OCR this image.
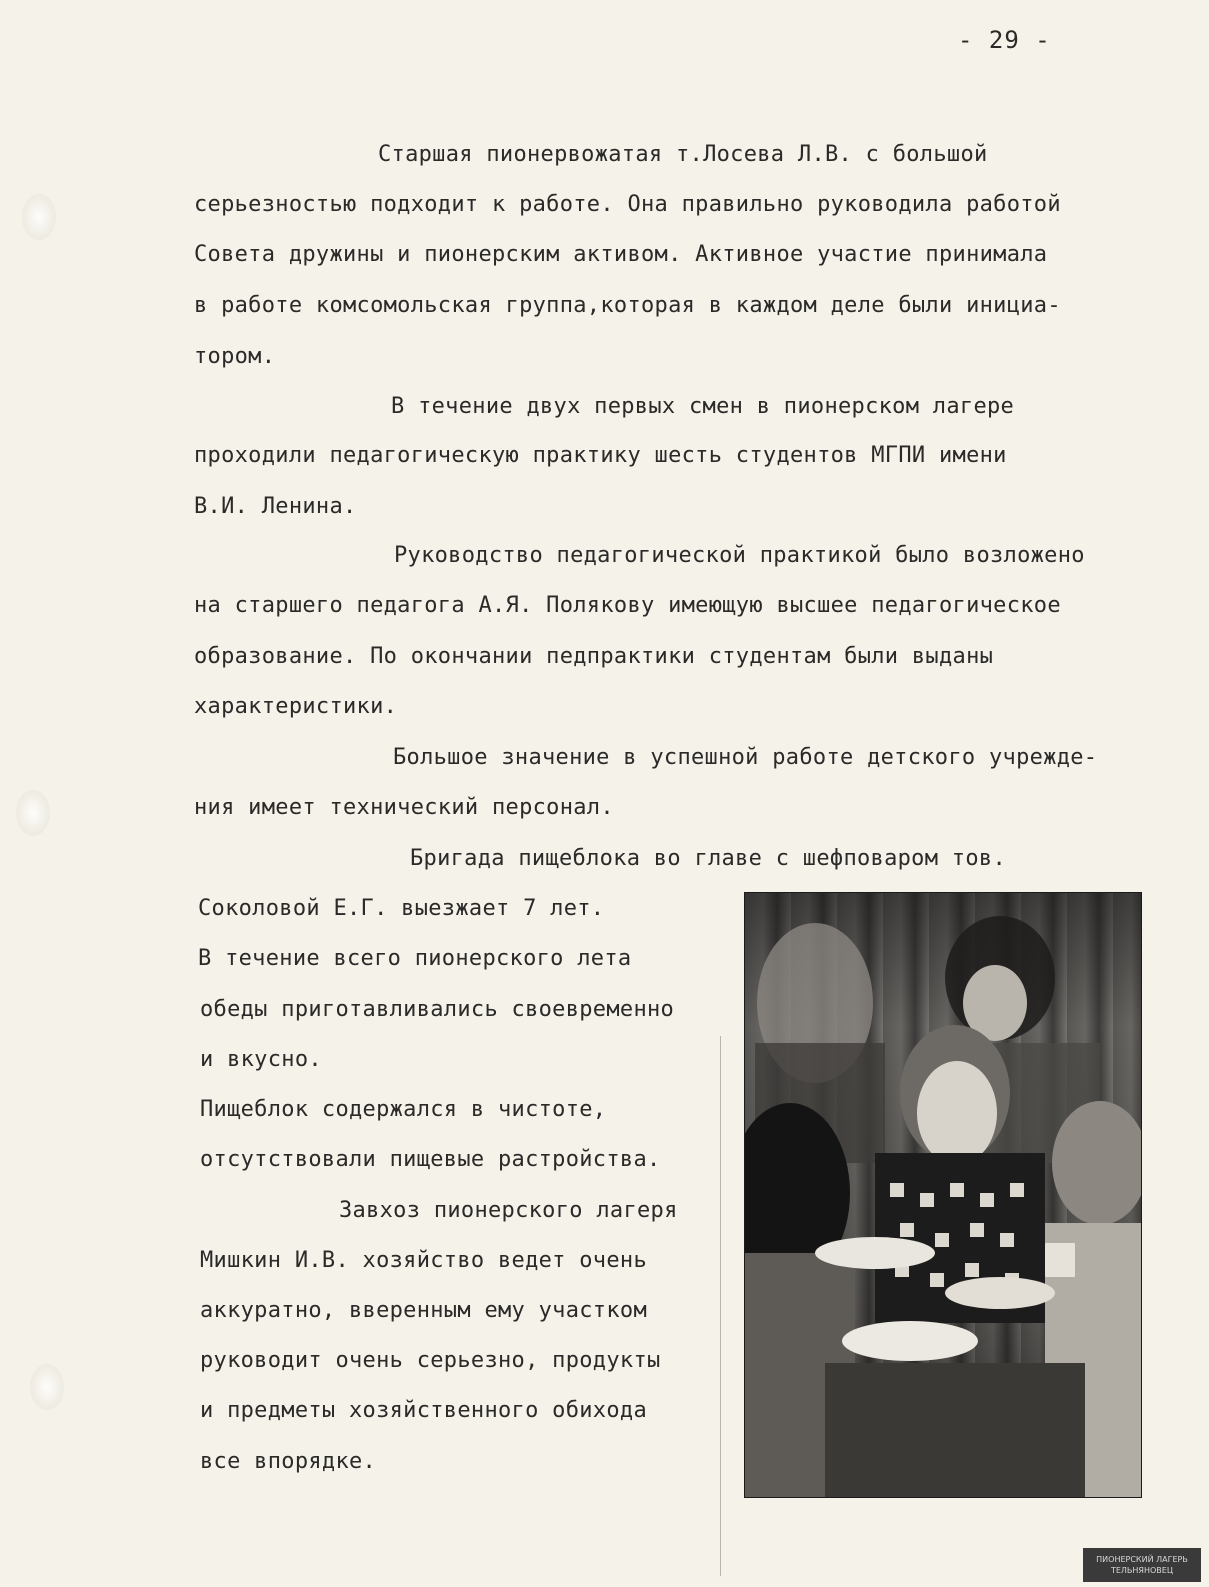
- 29 -
Старшая пионервожатая т.Лосева Л.В. с большой
серьезностью подходит к работе. Она правильно руководила работой
Совета дружины и пионерским активом. Активное участие принимала
в работе комсомольская группа,которая в каждом деле были инициа-
тором.
В течение двух первых смен в пионерском лагере
проходили педагогическую практику шесть студентов МГПИ имени
В.И. Ленина.
Руководство педагогической практикой было возложено
на старшего педагога А.Я. Полякову имеющую высшее педагогическое
образование. По окончании педпрактики студентам были выданы
характеристики.
Большое значение в успешной работе детского учрежде-
ния имеет технический персонал.
Бригада пищеблока во главе с шефповаром тов.
Соколовой Е.Г. выезжает 7 лет.
В течение всего пионерского лета
обеды приготавливались своевременно
и вкусно.
Пищеблок содержался в чистоте,
отсутствовали пищевые растройства.
Завхоз пионерского лагеря
Мишкин И.В. хозяйство ведет очень
аккуратно, вверенным ему участком
руководит очень серьезно, продукты
и предметы хозяйственного обихода
все впорядке.
ПИОНЕРСКИЙ ЛАГЕРЬ
ТЕЛЬНЯНОВЕЦ
